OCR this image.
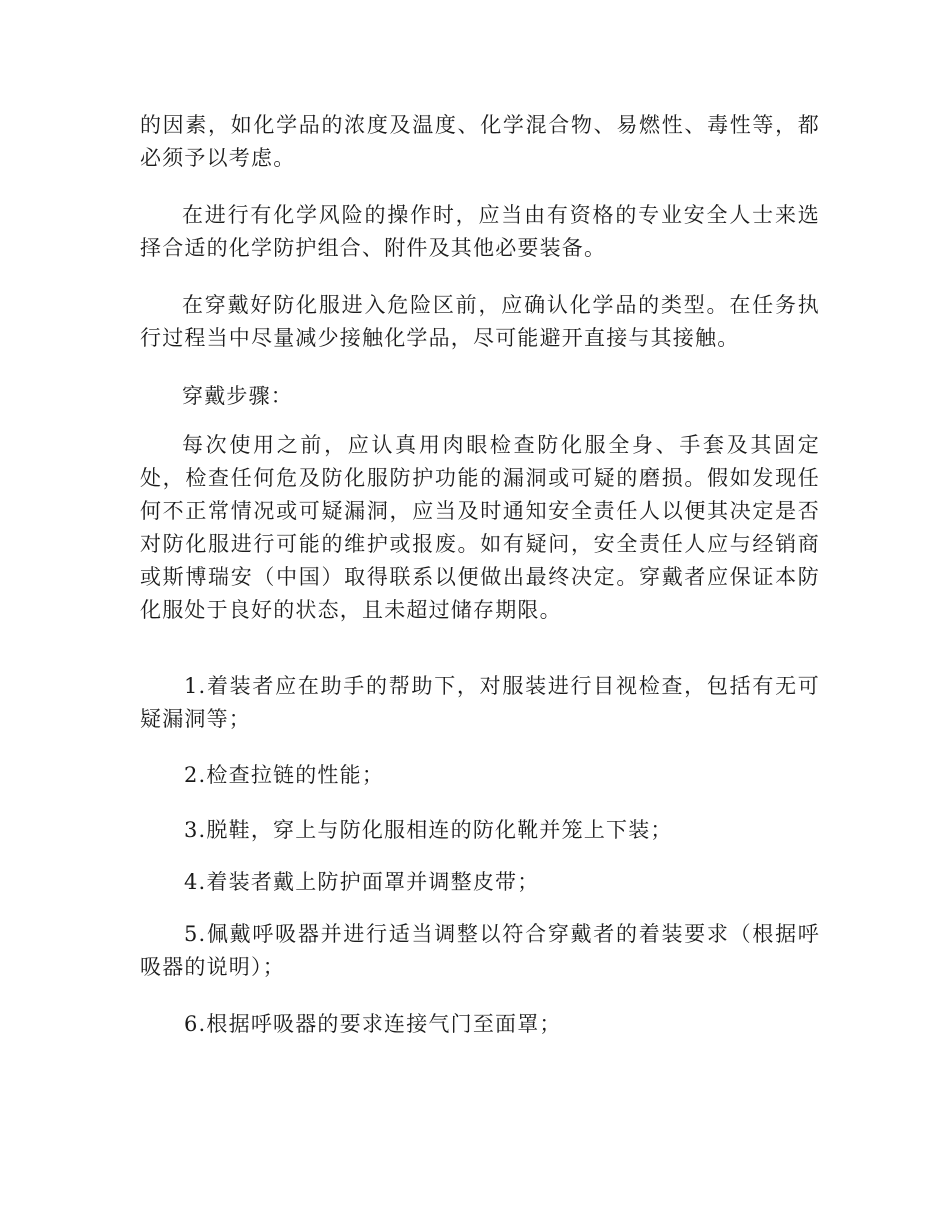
的因素，如化学品的浓度及温度、化学混合物、易燃性、毒性等，都必须予以考虑。

在进行有化学风险的操作时，应当由有资格的专业安全人士来选择合适的化学防护组合、附件及其他必要装备。

在穿戴好防化服进入危险区前，应确认化学品的类型。在任务执行过程当中尽量减少接触化学品，尽可能避开直接与其接触。

穿戴步骤：

每次使用之前，应认真用肉眼检查防化服全身、手套及其固定处，检查任何危及防化服防护功能的漏洞或可疑的磨损。假如发现任何不正常情况或可疑漏洞，应当及时通知安全责任人以便其决定是否对防化服进行可能的维护或报废。如有疑问，安全责任人应与经销商或斯博瑞安（中国）取得联系以便做出最终决定。穿戴者应保证本防化服处于良好的状态，且未超过储存期限。

1.着装者应在助手的帮助下，对服装进行目视检查，包括有无可疑漏洞等；

2.检查拉链的性能；

3.脱鞋，穿上与防化服相连的防化靴并笼上下装；

4.着装者戴上防护面罩并调整皮带；

5.佩戴呼吸器并进行适当调整以符合穿戴者的着装要求（根据呼吸器的说明）；

6.根据呼吸器的要求连接气门至面罩；
